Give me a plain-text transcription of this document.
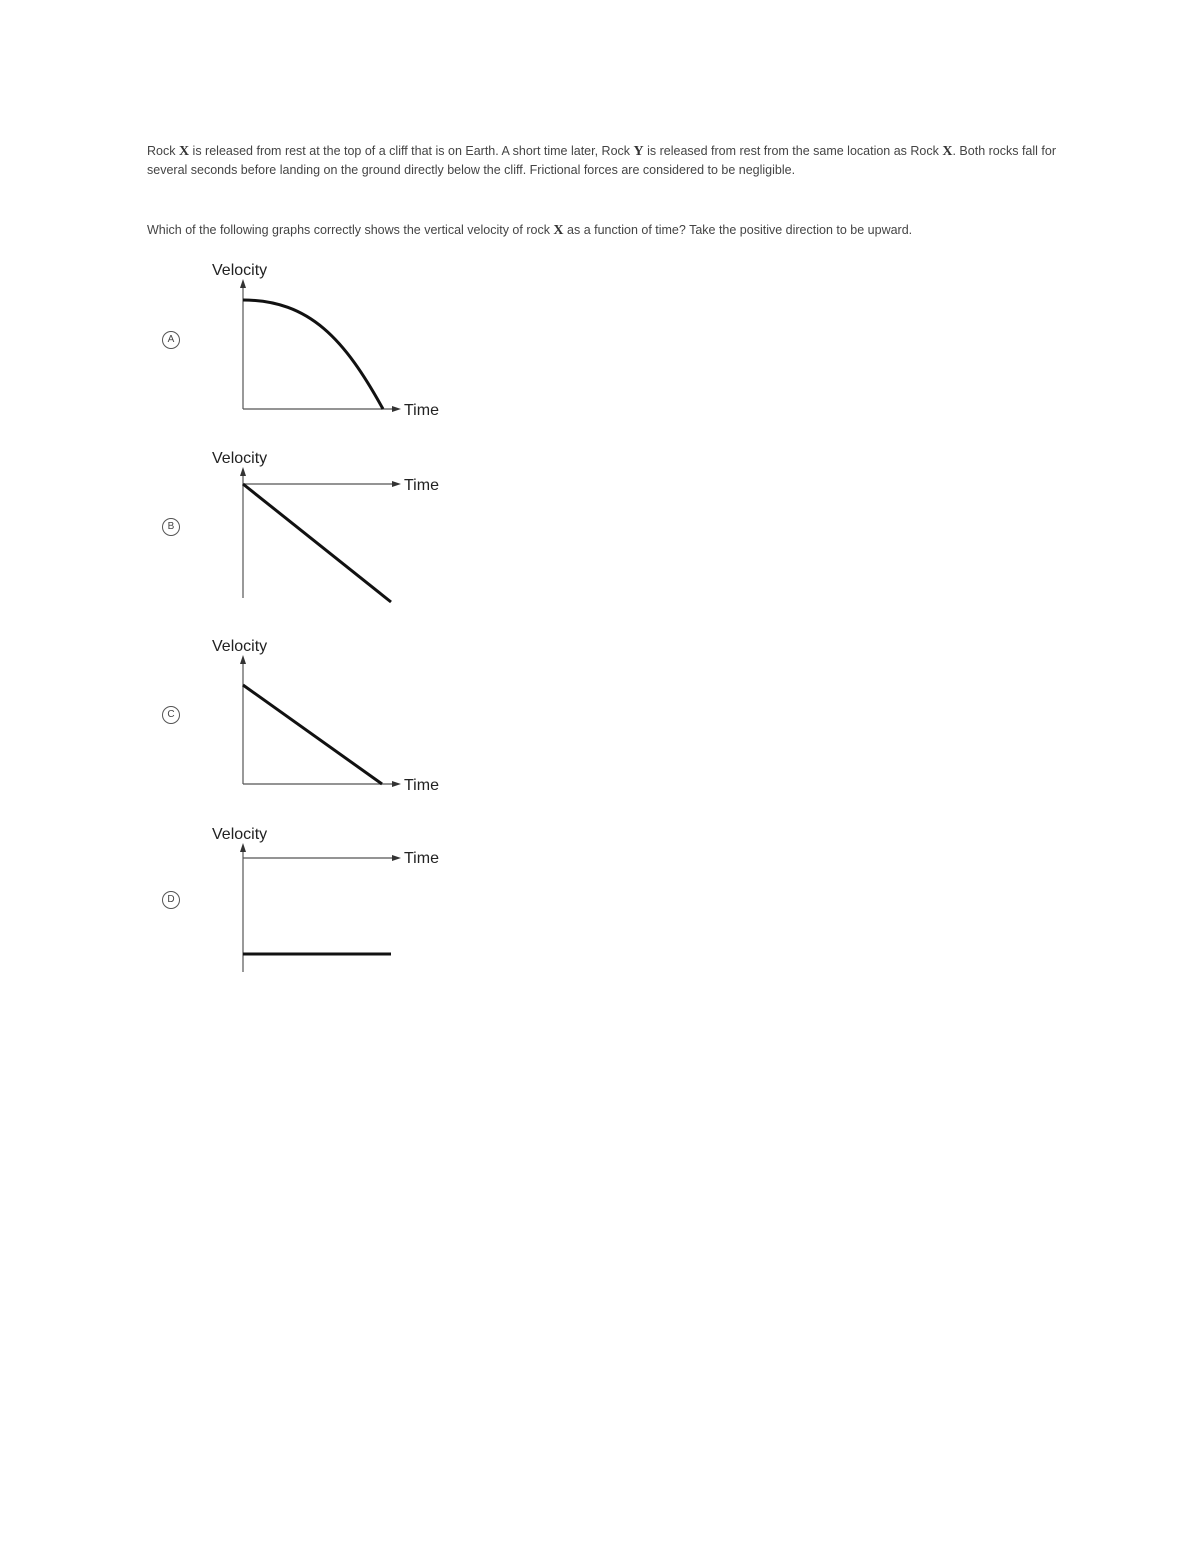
Rock X is released from rest at the top of a cliff that is on Earth. A short time later, Rock Y is released from rest from the same location as Rock X. Both rocks fall for several seconds before landing on the ground directly below the cliff. Frictional forces are considered to be negligible.
Which of the following graphs correctly shows the vertical velocity of rock X as a function of time? Take the positive direction to be upward.
A
Velocity
Time
B
Velocity
Time
C
Velocity
Time
D
Velocity
Time
